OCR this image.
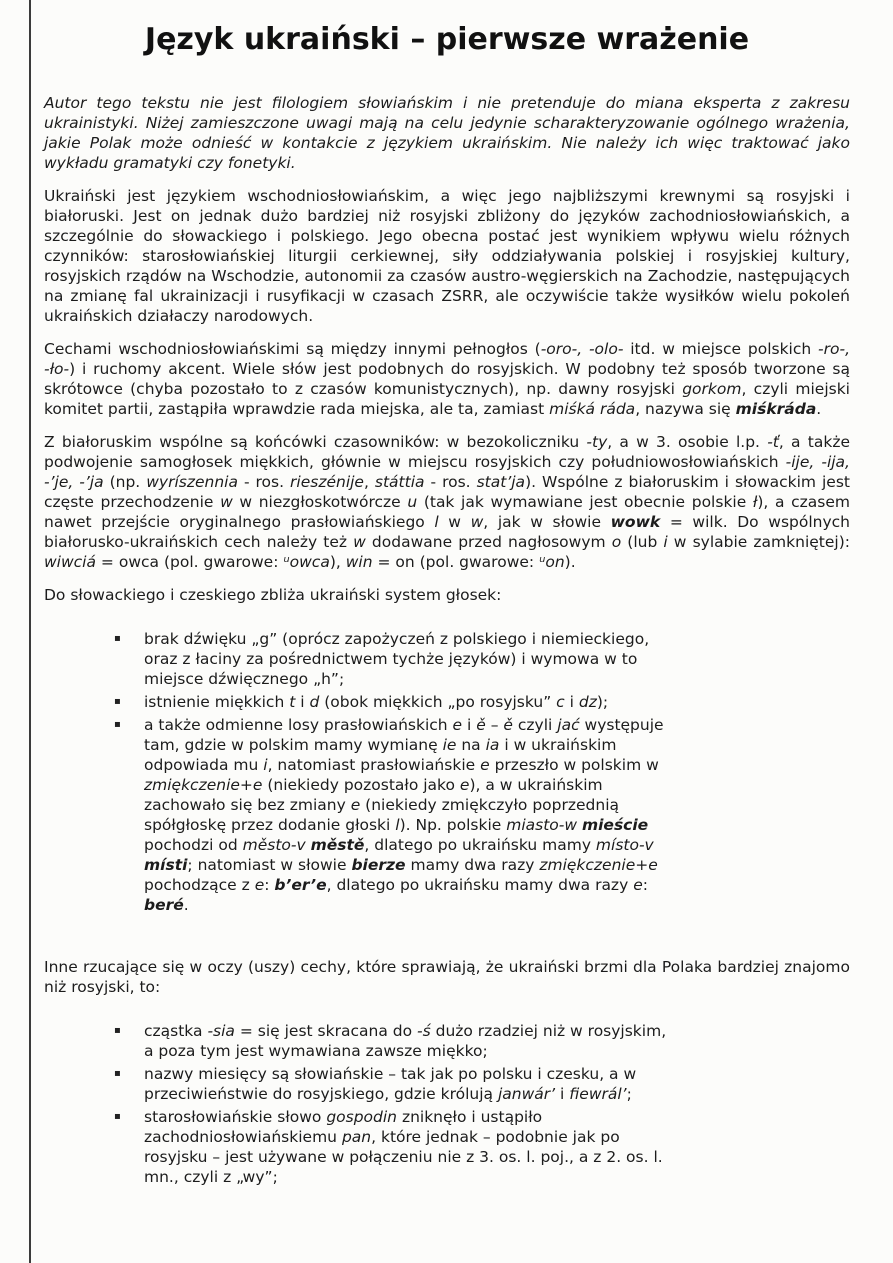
Język ukraiński – pierwsze wrażenie

Autor tego tekstu nie jest filologiem słowiańskim i nie pretenduje do miana eksperta z zakresu ukrainistyki. Niżej zamieszczone uwagi mają na celu jedynie scharakteryzowanie ogólnego wrażenia, jakie Polak może odnieść w kontakcie z językiem ukraińskim. Nie należy ich więc traktować jako wykładu gramatyki czy fonetyki.

Ukraiński jest językiem wschodniosłowiańskim, a więc jego najbliższymi krewnymi są rosyjski i białoruski. Jest on jednak dużo bardziej niż rosyjski zbliżony do języków zachodniosłowiańskich, a szczególnie do słowackiego i polskiego. Jego obecna postać jest wynikiem wpływu wielu różnych czynników: starosłowiańskiej liturgii cerkiewnej, siły oddziaływania polskiej i rosyjskiej kultury, rosyjskich rządów na Wschodzie, autonomii za czasów austro-węgierskich na Zachodzie, następujących na zmianę fal ukrainizacji i rusyfikacji w czasach ZSRR, ale oczywiście także wysiłków wielu pokoleń ukraińskich działaczy narodowych.

Cechami wschodniosłowiańskimi są między innymi pełnogłos (-oro-, -olo- itd. w miejsce polskich -ro-, -ło-) i ruchomy akcent. Wiele słów jest podobnych do rosyjskich. W podobny też sposób tworzone są skrótowce (chyba pozostało to z czasów komunistycznych), np. dawny rosyjski gorkom, czyli miejski komitet partii, zastąpiła wprawdzie rada miejska, ale ta, zamiast miśká ráda, nazywa się miśkráda.

Z białoruskim wspólne są końcówki czasowników: w bezokoliczniku -ty, a w 3. osobie l.p. -ť, a także podwojenie samogłosek miękkich, głównie w miejscu rosyjskich czy południowosłowiańskich -ije, -ija, -’je, -’ja (np. wyríszennia - ros. rieszénije, státtia - ros. stat’ja). Wspólne z białoruskim i słowackim jest częste przechodzenie w w niezgłoskotwórcze u (tak jak wymawiane jest obecnie polskie ł), a czasem nawet przejście oryginalnego prasłowiańskiego l w w, jak w słowie wowk = wilk. Do wspólnych białorusko-ukraińskich cech należy też w dodawane przed nagłosowym o (lub i w sylabie zamkniętej): wiwciá = owca (pol. gwarowe: ᵘowca), win = on (pol. gwarowe: ᵘon).

Do słowackiego i czeskiego zbliża ukraiński system głosek:

▪	brak dźwięku „g” (oprócz zapożyczeń z polskiego i niemieckiego, oraz z łaciny za pośrednictwem tychże języków) i wymowa w to miejsce dźwięcznego „h”;
▪	istnienie miękkich t i d (obok miękkich „po rosyjsku” c i dz);
▪	a także odmienne losy prasłowiańskich e i ě – ě czyli jać występuje tam, gdzie w polskim mamy wymianę ie na ia i w ukraińskim odpowiada mu i, natomiast prasłowiańskie e przeszło w polskim w zmiękczenie+e (niekiedy pozostało jako e), a w ukraińskim zachowało się bez zmiany e (niekiedy zmiękczyło poprzednią spółgłoskę przez dodanie głoski l). Np. polskie miasto-w mieście pochodzi od město-v městě, dlatego po ukraińsku mamy místo-v místi; natomiast w słowie bierze mamy dwa razy zmiękczenie+e pochodzące z e: b’er’e, dlatego po ukraińsku mamy dwa razy e: beré.

Inne rzucające się w oczy (uszy) cechy, które sprawiają, że ukraiński brzmi dla Polaka bardziej znajomo niż rosyjski, to:

▪	cząstka -sia = się jest skracana do -ś dużo rzadziej niż w rosyjskim, a poza tym jest wymawiana zawsze miękko;
▪	nazwy miesięcy są słowiańskie – tak jak po polsku i czesku, a w przeciwieństwie do rosyjskiego, gdzie królują janwár’ i fiewrál’;
▪	starosłowiańskie słowo gospodin zniknęło i ustąpiło zachodniosłowiańskiemu pan, które jednak – podobnie jak po rosyjsku – jest używane w połączeniu nie z 3. os. l. poj., a z 2. os. l. mn., czyli z „wy”;
